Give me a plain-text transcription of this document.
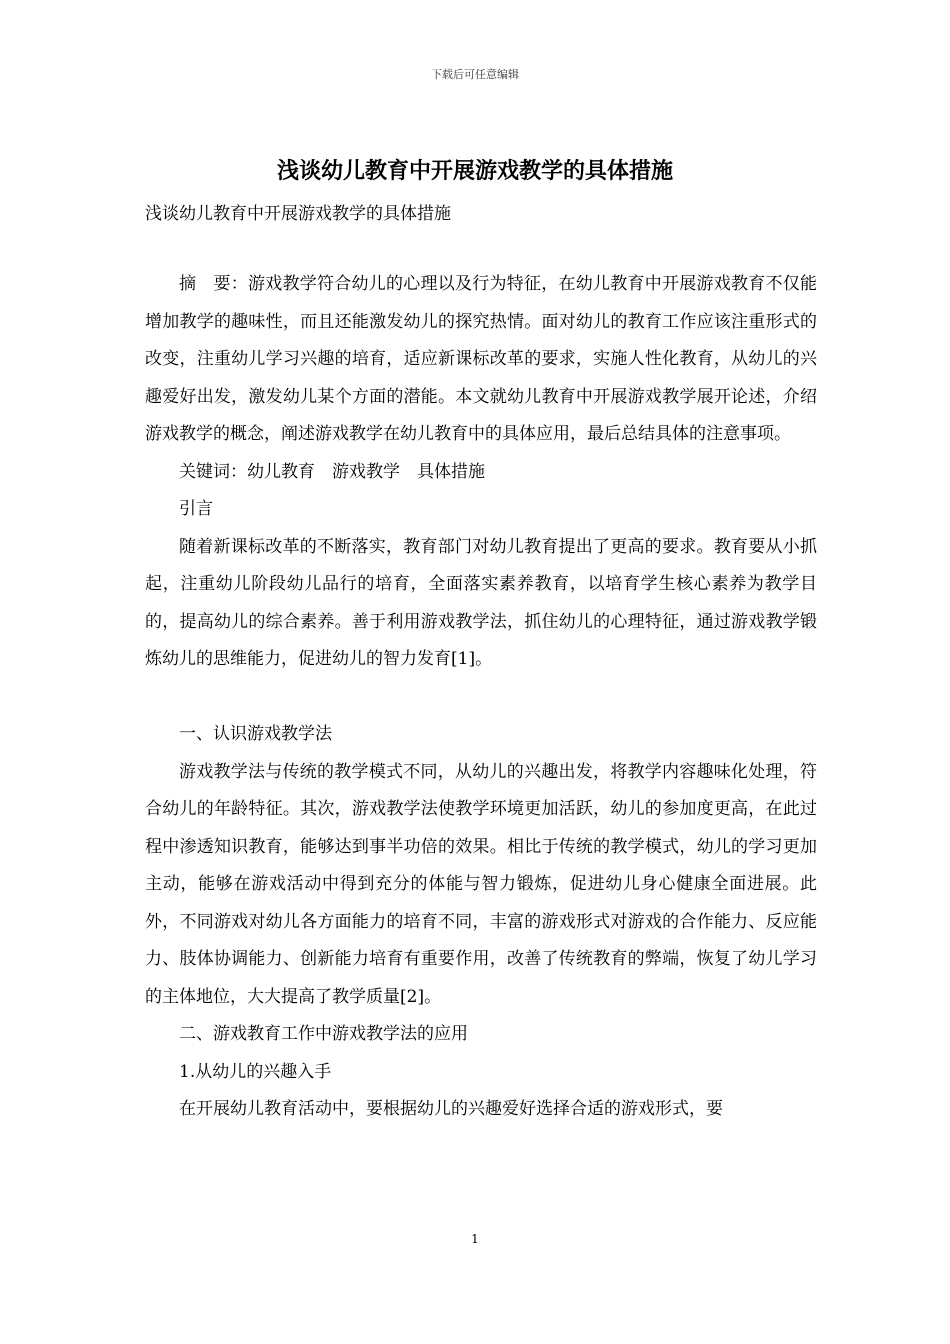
下载后可任意编辑

浅谈幼儿教育中开展游戏教学的具体措施

浅谈幼儿教育中开展游戏教学的具体措施

摘　要：游戏教学符合幼儿的心理以及行为特征，在幼儿教育中开展游戏教育不仅能增加教学的趣味性，而且还能激发幼儿的探究热情。面对幼儿的教育工作应该注重形式的改变，注重幼儿学习兴趣的培育，适应新课标改革的要求，实施人性化教育，从幼儿的兴趣爱好出发，激发幼儿某个方面的潜能。本文就幼儿教育中开展游戏教学展开论述，介绍游戏教学的概念，阐述游戏教学在幼儿教育中的具体应用，最后总结具体的注意事项。

关键词：幼儿教育　游戏教学　具体措施

引言

随着新课标改革的不断落实，教育部门对幼儿教育提出了更高的要求。教育要从小抓起，注重幼儿阶段幼儿品行的培育，全面落实素养教育，以培育学生核心素养为教学目的，提高幼儿的综合素养。善于利用游戏教学法，抓住幼儿的心理特征，通过游戏教学锻炼幼儿的思维能力，促进幼儿的智力发育[1]。

一、认识游戏教学法

游戏教学法与传统的教学模式不同，从幼儿的兴趣出发，将教学内容趣味化处理，符合幼儿的年龄特征。其次，游戏教学法使教学环境更加活跃，幼儿的参加度更高，在此过程中渗透知识教育，能够达到事半功倍的效果。相比于传统的教学模式，幼儿的学习更加主动，能够在游戏活动中得到充分的体能与智力锻炼，促进幼儿身心健康全面进展。此外，不同游戏对幼儿各方面能力的培育不同，丰富的游戏形式对游戏的合作能力、反应能力、肢体协调能力、创新能力培育有重要作用，改善了传统教育的弊端，恢复了幼儿学习的主体地位，大大提高了教学质量[2]。

二、游戏教育工作中游戏教学法的应用

1.从幼儿的兴趣入手

在开展幼儿教育活动中，要根据幼儿的兴趣爱好选择合适的游戏形式，要

1
